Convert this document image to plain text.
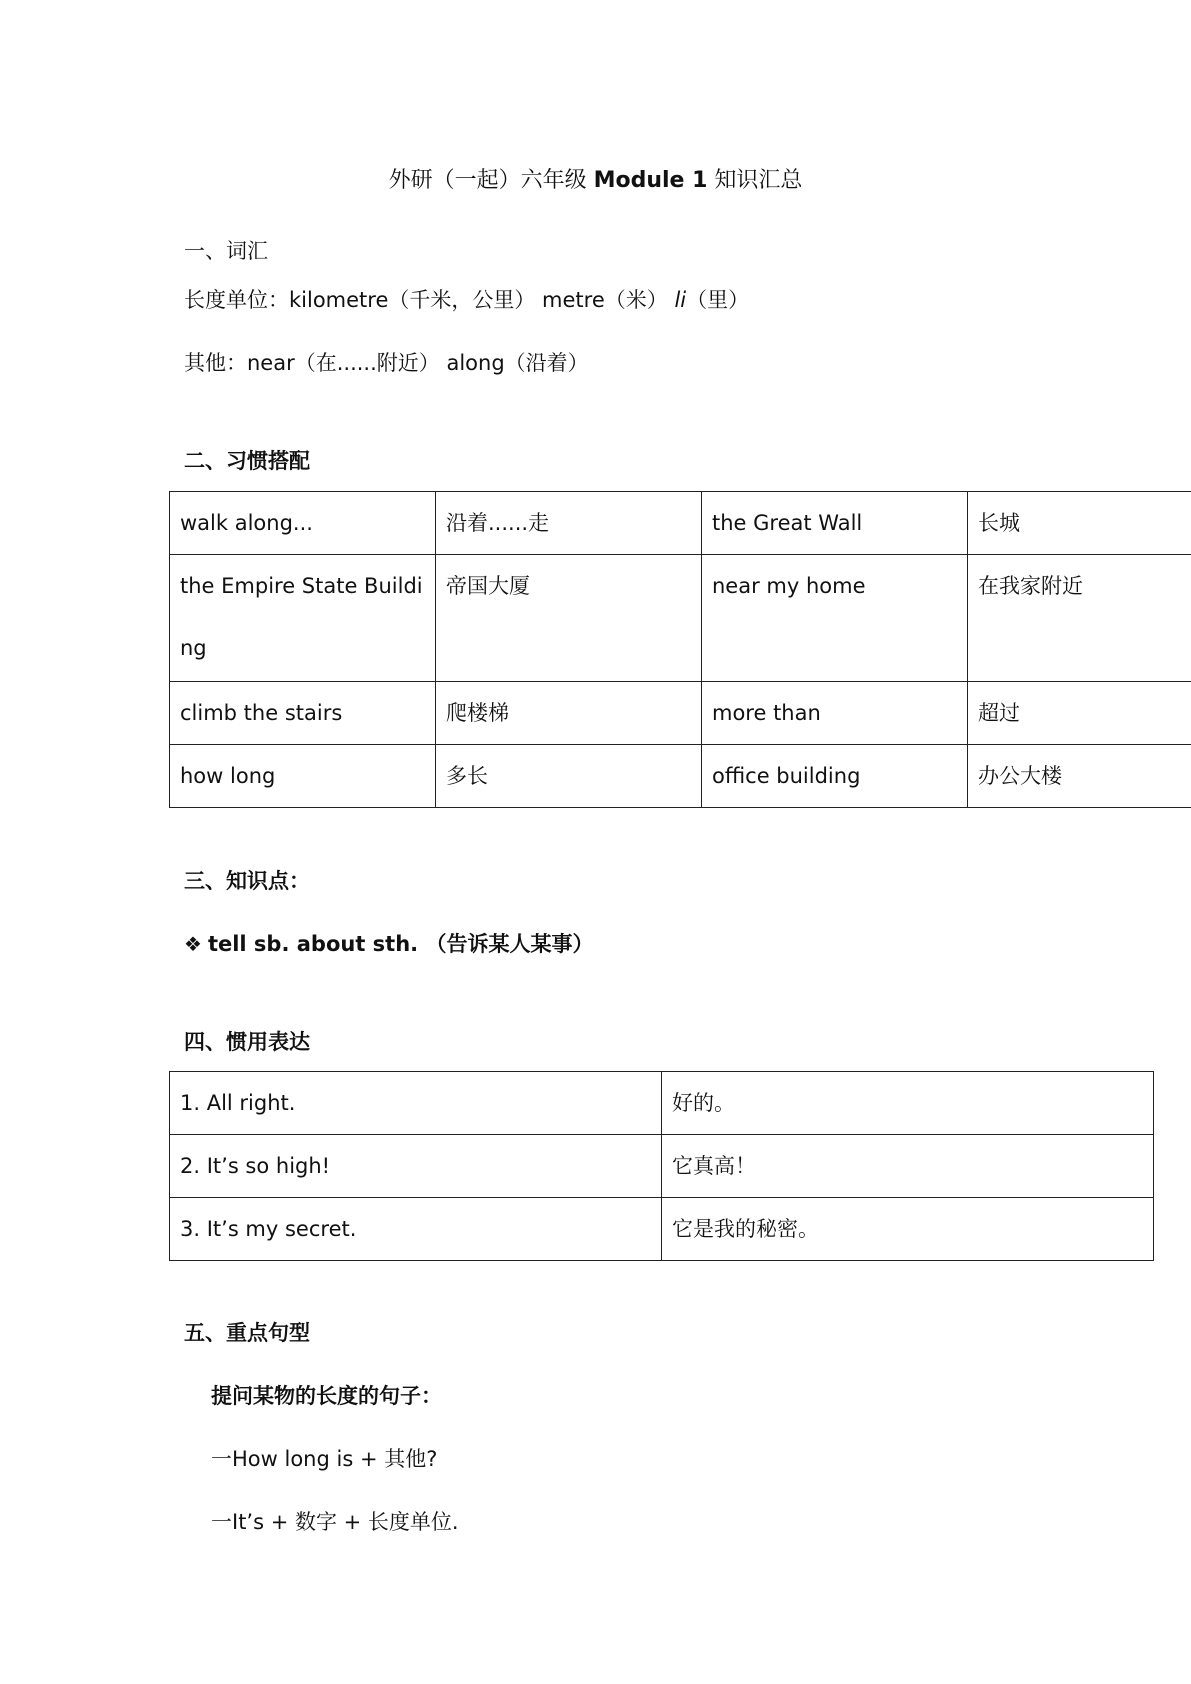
外研（一起）六年级 Module 1 知识汇总
一、词汇
长度单位：kilometre（千米，公里） metre（米） li（里）
其他：near（在......附近） along（沿着）
二、习惯搭配
walk along...	沿着......走	the Great Wall	长城
the Empire State Building	帝国大厦	near my home	在我家附近
climb the stairs	爬楼梯	more than	超过
how long	多长	office building	办公大楼
三、知识点：
❖ tell sb. about sth. （告诉某人某事）
四、惯用表达
1. All right.	好的。
2. It’s so high!	它真高！
3. It’s my secret.	它是我的秘密。
五、重点句型
提问某物的长度的句子：
一How long is + 其他?
一It’s + 数字 + 长度单位.
